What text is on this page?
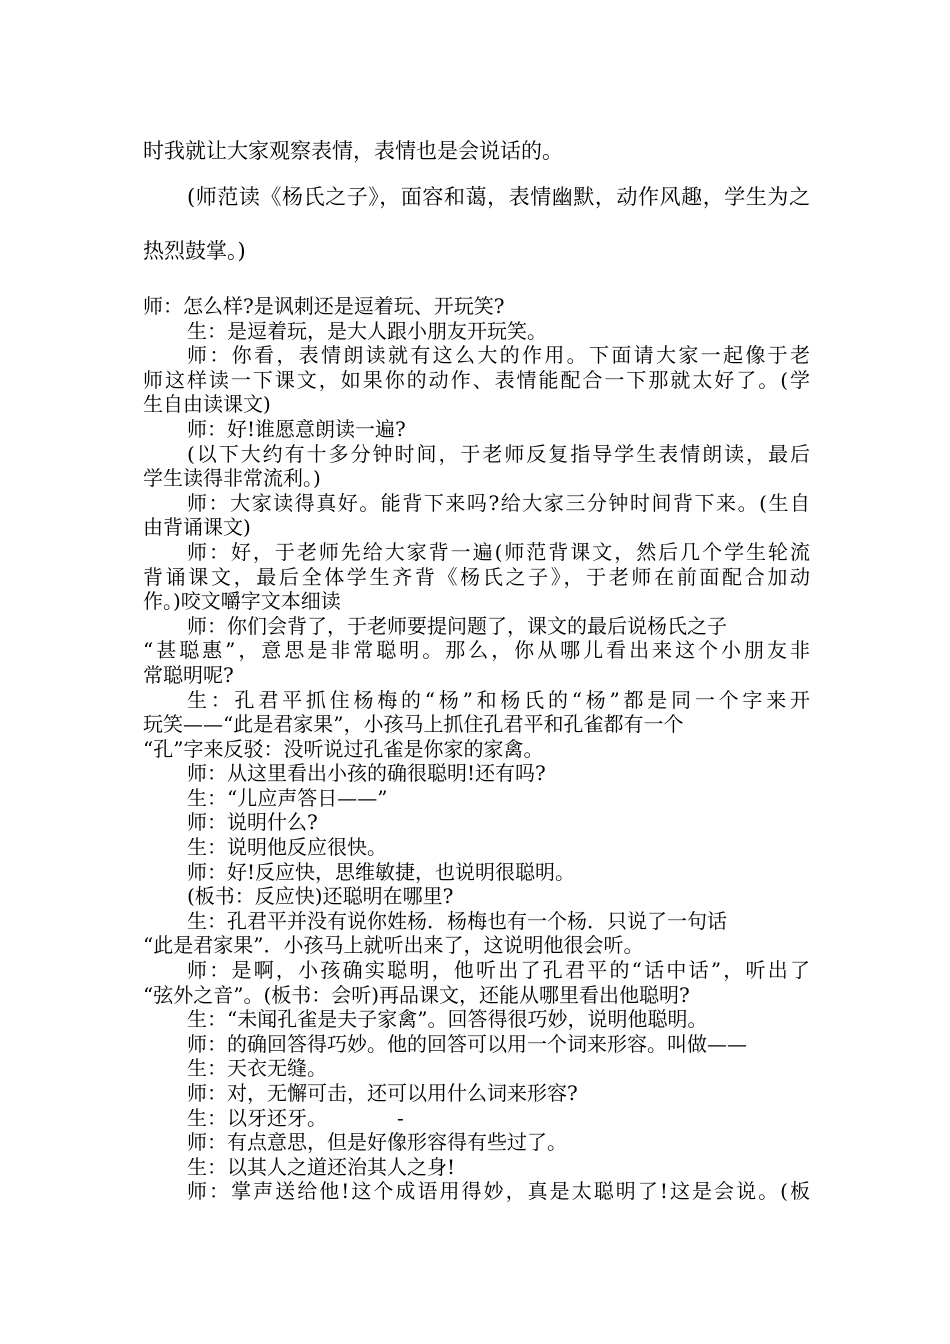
时我就让大家观察表情，表情也是会说话的。

(师范读《杨氏之子》，面容和蔼，表情幽默，动作风趣，学生为之

热烈鼓掌。)

师：怎么样?是讽刺还是逗着玩、开玩笑?

生：是逗着玩，是大人跟小朋友开玩笑。

师：你看，表情朗读就有这么大的作用。下面请大家一起像于老

师这样读一下课文，如果你的动作、表情能配合一下那就太好了。(学

生自由读课文)

师：好!谁愿意朗读一遍?

(以下大约有十多分钟时间，于老师反复指导学生表情朗读，最后

学生读得非常流利。)

师：大家读得真好。能背下来吗?给大家三分钟时间背下来。(生自

由背诵课文)

师：好，于老师先给大家背一遍(师范背课文，然后几个学生轮流

背诵课文，最后全体学生齐背《杨氏之子》，于老师在前面配合加动

作。)咬文嚼字文本细读

师：你们会背了，于老师要提问题了，课文的最后说杨氏之子

“甚聪惠”，意思是非常聪明。那么，你从哪儿看出来这个小朋友非

常聪明呢?

生：孔君平抓住杨梅的“杨”和杨氏的“杨”都是同一个字来开

玩笑——“此是君家果”，小孩马上抓住孔君平和孔雀都有一个

“孔”字来反驳：没听说过孔雀是你家的家禽。

师：从这里看出小孩的确很聪明!还有吗?

生：“儿应声答日——”

师：说明什么?

生：说明他反应很快。

师：好!反应快，思维敏捷，也说明很聪明。

(板书：反应快)还聪明在哪里?

生：孔君平并没有说你姓杨．杨梅也有一个杨．只说了一句话

“此是君家果”．小孩马上就听出来了，这说明他很会听。

师：是啊，小孩确实聪明，他听出了孔君平的“话中话”，听出了

“弦外之音”。(板书：会听)再品课文，还能从哪里看出他聪明?

生：“未闻孔雀是夫子家禽”。回答得很巧妙，说明他聪明。

师：的确回答得巧妙。他的回答可以用一个词来形容。叫做——

生：天衣无缝。

师：对，无懈可击，还可以用什么词来形容?

生：以牙还牙。　　　　-

师：有点意思，但是好像形容得有些过了。

生：以其人之道还治其人之身!

师：掌声送给他!这个成语用得妙，真是太聪明了!这是会说。(板
